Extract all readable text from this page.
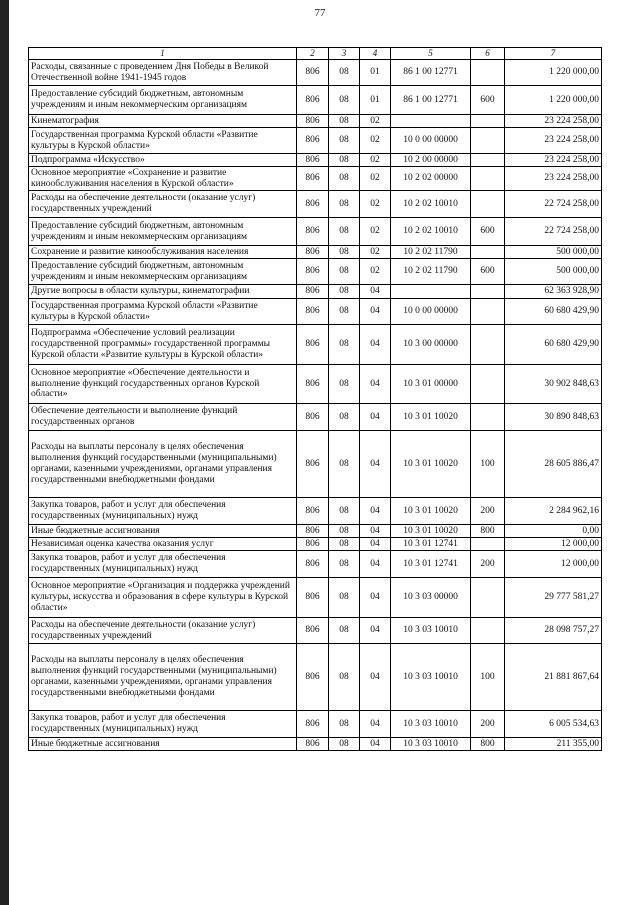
77
1	2	3	4	5	6	7
Расходы, связанные с проведением Дня Победы в Великой Отечественной войне 1941-1945 годов	806	08	01	86 1 00 12771		1 220 000,00
Предоставление субсидий бюджетным, автономным учреждениям и иным некоммерческим организациям	806	08	01	86 1 00 12771	600	1 220 000,00
Кинематография	806	08	02			23 224 258,00
Государственная программа Курской области «Развитие культуры в Курской области»	806	08	02	10 0 00 00000		23 224 258,00
Подпрограмма «Искусство»	806	08	02	10 2 00 00000		23 224 258,00
Основное мероприятие «Сохранение и развитие кинообслуживания населения в Курской области»	806	08	02	10 2 02 00000		23 224 258,00
Расходы на обеспечение деятельности (оказание услуг) государственных учреждений	806	08	02	10 2 02 10010		22 724 258,00
Предоставление субсидий бюджетным, автономным учреждениям и иным некоммерческим организациям	806	08	02	10 2 02 10010	600	22 724 258,00
Сохранение и развитие кинообслуживания населения	806	08	02	10 2 02 11790		500 000,00
Предоставление субсидий бюджетным, автономным учреждениям и иным некоммерческим организациям	806	08	02	10 2 02 11790	600	500 000,00
Другие вопросы в области культуры, кинематографии	806	08	04			62 363 928,90
Государственная программа Курской области «Развитие культуры в Курской области»	806	08	04	10 0 00 00000		60 680 429,90
Подпрограмма «Обеспечение условий реализации государственной программы» государственной программы Курской области «Развитие культуры в Курской области»	806	08	04	10 3 00 00000		60 680 429,90
Основное мероприятие «Обеспечение деятельности и выполнение функций государственных органов Курской области»	806	08	04	10 3 01 00000		30 902 848,63
Обеспечение деятельности и выполнение функций государственных органов	806	08	04	10 3 01 10020		30 890 848,63
Расходы на выплаты персоналу в целях обеспечения выполнения функций государственными (муниципальными) органами, казенными учреждениями, органами управления государственными внебюджетными фондами	806	08	04	10 3 01 10020	100	28 605 886,47
Закупка товаров, работ и услуг для обеспечения государственных (муниципальных) нужд	806	08	04	10 3 01 10020	200	2 284 962,16
Иные бюджетные ассигнования	806	08	04	10 3 01 10020	800	0,00
Независимая оценка качества оказания услуг	806	08	04	10 3 01 12741		12 000,00
Закупка товаров, работ и услуг для обеспечения государственных (муниципальных) нужд	806	08	04	10 3 01 12741	200	12 000,00
Основное мероприятие «Организация и поддержка учреждений культуры, искусства и образования в сфере культуры в Курской области»	806	08	04	10 3 03 00000		29 777 581,27
Расходы на обеспечение деятельности (оказание услуг) государственных учреждений	806	08	04	10 3 03 10010		28 098 757,27
Расходы на выплаты персоналу в целях обеспечения выполнения функций государственными (муниципальными) органами, казенными учреждениями, органами управления государственными внебюджетными фондами	806	08	04	10 3 03 10010	100	21 881 867,64
Закупка товаров, работ и услуг для обеспечения государственных (муниципальных) нужд	806	08	04	10 3 03 10010	200	6 005 534,63
Иные бюджетные ассигнования	806	08	04	10 3 03 10010	800	211 355,00
